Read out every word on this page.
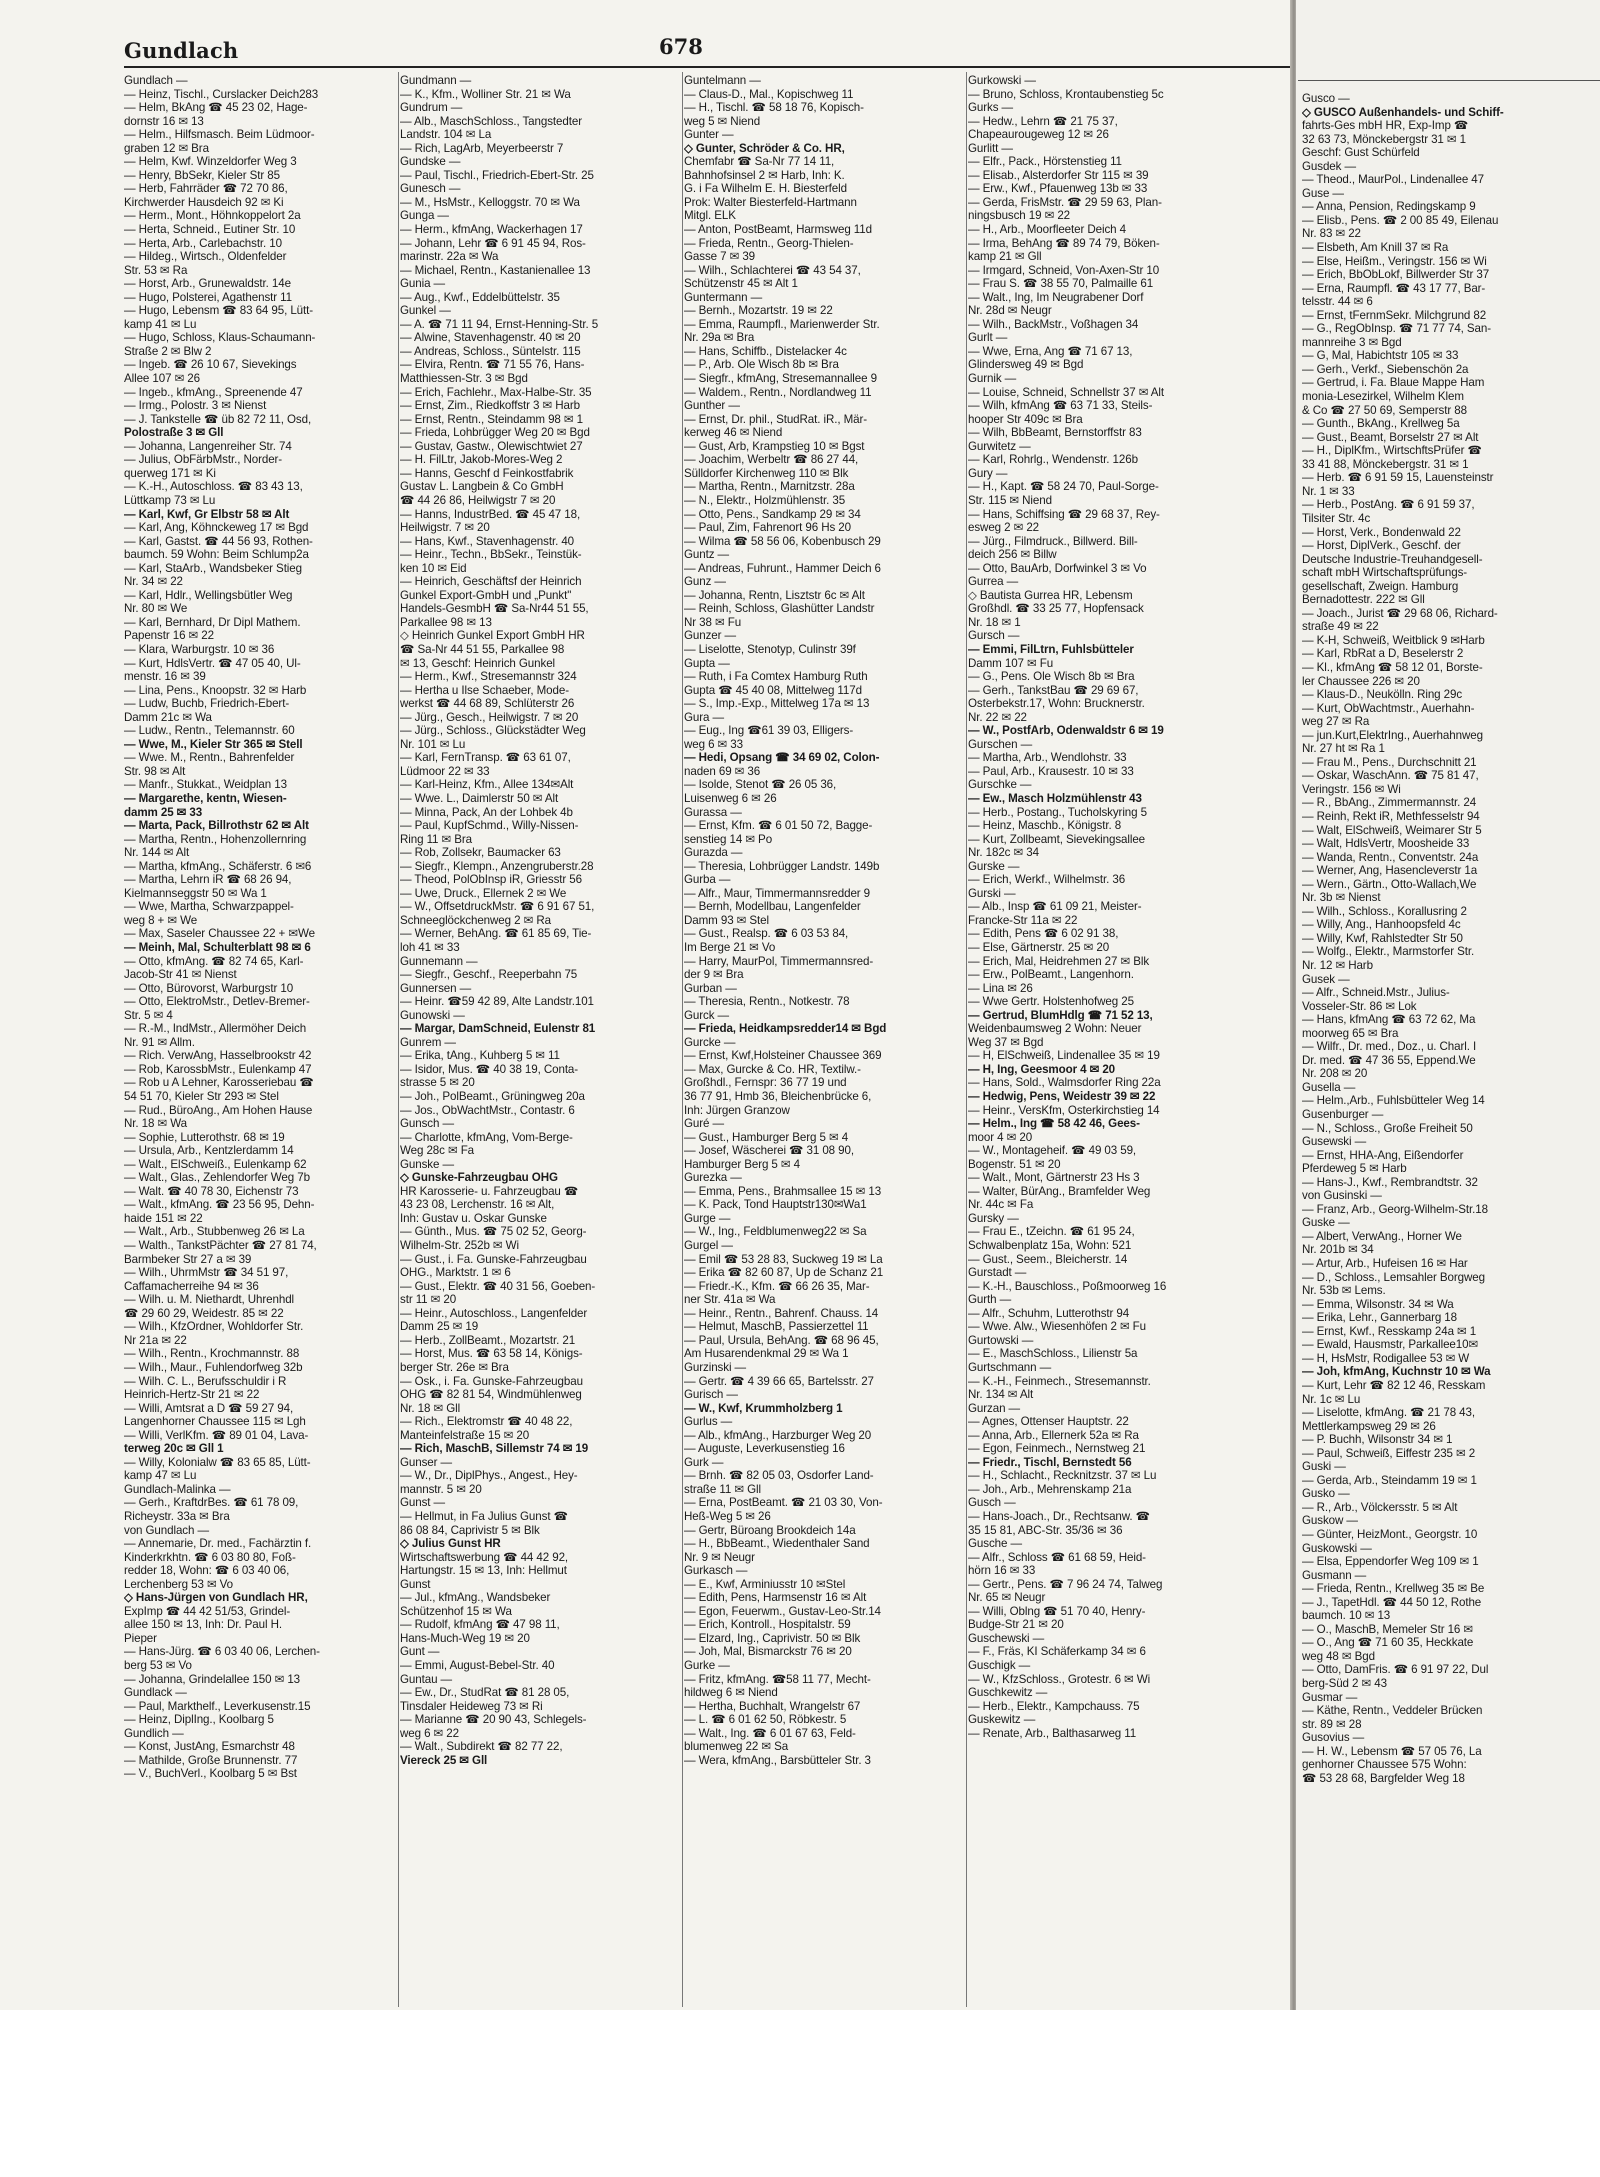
Gundlach	678
Gundlach —
— Heinz, Tischl., Curslacker Deich283
— Helm, BkAng ☎ 45 23 02, Hage-
dornstr 16 ✉ 13
— Helm., Hilfsmasch. Beim Lüdmoor-
graben 12 ✉ Bra
— Helm, Kwf. Winzeldorfer Weg 3
— Henry, BbSekr, Kieler Str 85
— Herb, Fahrräder ☎ 72 70 86,
Kirchwerder Hausdeich 92 ✉ Ki
— Herm., Mont., Höhnkoppelort 2a
— Herta, Schneid., Eutiner Str. 10
— Herta, Arb., Carlebachstr. 10
— Hildeg., Wirtsch., Oldenfelder
Str. 53 ✉ Ra
— Horst, Arb., Grunewaldstr. 14e
— Hugo, Polsterei, Agathenstr 11
— Hugo, Lebensm ☎ 83 64 95, Lütt-
kamp 41 ✉ Lu
— Hugo, Schloss, Klaus-Schaumann-
Straße 2 ✉ Blw 2
— Ingeb. ☎ 26 10 67, Sievekings
Allee 107 ✉ 26
— Ingeb., kfmAng., Spreenende 47
— Irmg., Polostr. 3 ✉ Nienst
— J. Tankstelle ☎ üb 82 72 11, Osd,
Polostraße 3 ✉ Gll
— Johanna, Langenreiher Str. 74
— Julius, ObFärbMstr., Norder-
querweg 171 ✉ Ki
— K.-H., Autoschloss. ☎ 83 43 13,
Lüttkamp 73 ✉ Lu
— Karl, Kwf, Gr Elbstr 58 ✉ Alt
— Karl, Ang, Köhnckeweg 17 ✉ Bgd
— Karl, Gastst. ☎ 44 56 93, Rothen-
baumch. 59 Wohn: Beim Schlump2a
— Karl, StaArb., Wandsbeker Stieg
Nr. 34 ✉ 22
— Karl, Hdlr., Wellingsbütler Weg
Nr. 80 ✉ We
— Karl, Bernhard, Dr Dipl Mathem.
Papenstr 16 ✉ 22
— Klara, Warburgstr. 10 ✉ 36
— Kurt, HdlsVertr. ☎ 47 05 40, Ul-
menstr. 16 ✉ 39
— Lina, Pens., Knoopstr. 32 ✉ Harb
— Ludw, Buchb, Friedrich-Ebert-
Damm 21c ✉ Wa
— Ludw., Rentn., Telemannstr. 60
— Wwe, M., Kieler Str 365 ✉ Stell
— Wwe. M., Rentn., Bahrenfelder
Str. 98 ✉ Alt
— Manfr., Stukkat., Weidplan 13
— Margarethe, kentn, Wiesen-
damm 25 ✉ 33
— Marta, Pack, Billrothstr 62 ✉ Alt
— Martha, Rentn., Hohenzollernring
Nr. 144 ✉ Alt
— Martha, kfmAng., Schäferstr. 6 ✉6
— Martha, Lehrn iR ☎ 68 26 94,
Kielmannseggstr 50 ✉ Wa 1
— Wwe, Martha, Schwarzpappel-
weg 8 + ✉ We
— Max, Saseler Chaussee 22 + ✉We
— Meinh, Mal, Schulterblatt 98 ✉ 6
— Otto, kfmAng. ☎ 82 74 65, Karl-
Jacob-Str 41 ✉ Nienst
— Otto, Bürovorst, Warburgstr 10
— Otto, ElektroMstr., Detlev-Bremer-
Str. 5 ✉ 4
— R.-M., IndMstr., Allermöher Deich
Nr. 91 ✉ Allm.
— Rich. VerwAng, Hasselbrookstr 42
— Rob, KarossbMstr., Eulenkamp 47
— Rob u A Lehner, Karosseriebau ☎
54 51 70, Kieler Str 293 ✉ Stel
— Rud., BüroAng., Am Hohen Hause
Nr. 18 ✉ Wa
— Sophie, Lutterothstr. 68 ✉ 19
— Ursula, Arb., Kentzlerdamm 14
— Walt., ElSchweiß., Eulenkamp 62
— Walt., Glas., Zehlendorfer Weg 7b
— Walt. ☎ 40 78 30, Eichenstr 73
— Walt., kfmAng. ☎ 23 56 95, Dehn-
haide 151 ✉ 22
— Walt., Arb., Stubbenweg 26 ✉ La
— Walth., TankstPächter ☎ 27 81 74,
Barmbeker Str 27 a ✉ 39
— Wilh., UhrmMstr ☎ 34 51 97,
Caffamacherreihe 94 ✉ 36
— Wilh. u. M. Niethardt, Uhrenhdl
☎ 29 60 29, Weidestr. 85 ✉ 22
— Wilh., KfzOrdner, Wohldorfer Str.
Nr 21a ✉ 22
— Wilh., Rentn., Krochmannstr. 88
— Wilh., Maur., Fuhlendorfweg 32b
— Wilh. C. L., Berufsschuldir i R
Heinrich-Hertz-Str 21 ✉ 22
— Willi, Amtsrat a D ☎ 59 27 94,
Langenhorner Chaussee 115 ✉ Lgh
— Willi, VerlKfm. ☎ 89 01 04, Lava-
terweg 20c ✉ Gll 1
— Willy, Kolonialw ☎ 83 65 85, Lütt-
kamp 47 ✉ Lu
Gundlach-Malinka —
— Gerh., KraftdrBes. ☎ 61 78 09,
Richeystr. 33a ✉ Bra
von Gundlach —
— Annemarie, Dr. med., Fachärztin f.
Kinderkrkhtn. ☎ 6 03 80 80, Foß-
redder 18, Wohn: ☎ 6 03 40 06,
Lerchenberg 53 ✉ Vo
◇ Hans-Jürgen von Gundlach HR,
ExpImp ☎ 44 42 51/53, Grindel-
allee 150 ✉ 13, Inh: Dr. Paul H.
Pieper
— Hans-Jürg. ☎ 6 03 40 06, Lerchen-
berg 53 ✉ Vo
— Johanna, Grindelallee 150 ✉ 13
Gundlack —
— Paul, Markthelf., Leverkusenstr.15
— Heinz, DiplIng., Koolbarg 5
Gundlich —
— Konst, JustAng, Esmarchstr 48
— Mathilde, Große Brunnenstr. 77
— V., BuchVerl., Koolbarg 5 ✉ Bst
Gundmann —
— K., Kfm., Wolliner Str. 21 ✉ Wa
Gundrum —
— Alb., MaschSchloss., Tangstedter
Landstr. 104 ✉ La
— Rich, LagArb, Meyerbeerstr 7
Gundske —
— Paul, Tischl., Friedrich-Ebert-Str. 25
Gunesch —
— M., HsMstr., Kelloggstr. 70 ✉ Wa
Gunga —
— Herm., kfmAng, Wackerhagen 17
— Johann, Lehr ☎ 6 91 45 94, Ros-
marinstr. 22a ✉ Wa
— Michael, Rentn., Kastanienallee 13
Gunia —
— Aug., Kwf., Eddelbüttelstr. 35
Gunkel —
— A. ☎ 71 11 94, Ernst-Henning-Str. 5
— Alwine, Stavenhagenstr. 40 ✉ 20
— Andreas, Schloss., Süntelstr. 115
— Elvira, Rentn. ☎ 71 55 76, Hans-
Matthiessen-Str. 3 ✉ Bgd
— Erich, Fachlehr., Max-Halbe-Str. 35
— Ernst, Zim., Riedkoffstr 3 ✉ Harb
— Ernst, Rentn., Steindamm 98 ✉ 1
— Frieda, Lohbrügger Weg 20 ✉ Bgd
— Gustav, Gastw., Olewischtwiet 27
— H. FilLtr, Jakob-Mores-Weg 2
— Hanns, Geschf d Feinkostfabrik
Gustav L. Langbein & Co GmbH
☎ 44 26 86, Heilwigstr 7 ✉ 20
— Hanns, IndustrBed. ☎ 45 47 18,
Heilwigstr. 7 ✉ 20
— Hans, Kwf., Stavenhagenstr. 40
— Heinr., Techn., BbSekr., Teinstük-
ken 10 ✉ Eid
— Heinrich, Geschäftsf der Heinrich
Gunkel Export-GmbH und „Punkt"
Handels-GesmbH ☎ Sa-Nr44 51 55,
Parkallee 98 ✉ 13
◇ Heinrich Gunkel Export GmbH HR
☎ Sa-Nr 44 51 55, Parkallee 98
✉ 13, Geschf: Heinrich Gunkel
— Herm., Kwf., Stresemannstr 324
— Hertha u Ilse Schaeber, Mode-
werkst ☎ 44 68 89, Schlüterstr 26
— Jürg., Gesch., Heilwigstr. 7 ✉ 20
— Jürg., Schloss., Glückstädter Weg
Nr. 101 ✉ Lu
— Karl, FernTransp. ☎ 63 61 07,
Lüdmoor 22 ✉ 33
— Karl-Heinz, Kfm., Allee 134✉Alt
— Wwe. L., Daimlerstr 50 ✉ Alt
— Minna, Pack, An der Lohbek 4b
— Paul, KupfSchmd., Willy-Nissen-
Ring 11 ✉ Bra
— Rob, Zollsekr, Baumacker 63
— Siegfr., Klempn., Anzengruberstr.28
— Theod, PolObInsp iR, Griesstr 56
— Uwe, Druck., Ellernek 2 ✉ We
— W., OffsetdruckMstr. ☎ 6 91 67 51,
Schneeglöckchenweg 2 ✉ Ra
— Werner, BehAng. ☎ 61 85 69, Tie-
loh 41 ✉ 33
Gunnemann —
— Siegfr., Geschf., Reeperbahn 75
Gunnersen —
— Heinr. ☎59 42 89, Alte Landstr.101
Gunowski —
— Margar, DamSchneid, Eulenstr 81
Gunrem —
— Erika, tAng., Kuhberg 5 ✉ 11
— Isidor, Mus. ☎ 40 38 19, Conta-
strasse 5 ✉ 20
— Joh., PolBeamt., Grüningweg 20a
— Jos., ObWachtMstr., Contastr. 6
Gunsch —
— Charlotte, kfmAng, Vom-Berge-
Weg 28c ✉ Fa
Gunske —
◇ Gunske-Fahrzeugbau OHG
HR Karosserie- u. Fahrzeugbau ☎
43 23 08, Lerchenstr. 16 ✉ Alt,
Inh: Gustav u. Oskar Gunske
— Günth., Mus. ☎ 75 02 52, Georg-
Wilhelm-Str. 252b ✉ Wi
— Gust., i. Fa. Gunske-Fahrzeugbau
OHG., Marktstr. 1 ✉ 6
— Gust., Elektr. ☎ 40 31 56, Goeben-
str 11 ✉ 20
— Heinr., Autoschloss., Langenfelder
Damm 25 ✉ 19
— Herb., ZollBeamt., Mozartstr. 21
— Horst, Mus. ☎ 63 58 14, Königs-
berger Str. 26e ✉ Bra
— Osk., i. Fa. Gunske-Fahrzeugbau
OHG ☎ 82 81 54, Windmühlenweg
Nr. 18 ✉ Gll
— Rich., Elektromstr ☎ 40 48 22,
Manteinfelstraße 15 ✉ 20
— Rich, MaschB, Sillemstr 74 ✉ 19
Gunser —
— W., Dr., DiplPhys., Angest., Hey-
mannstr. 5 ✉ 20
Gunst —
— Hellmut, in Fa Julius Gunst ☎
86 08 84, Caprivistr 5 ✉ Blk
◇ Julius Gunst HR
Wirtschaftswerbung ☎ 44 42 92,
Hartungstr. 15 ✉ 13, Inh: Hellmut
Gunst
— Jul., kfmAng., Wandsbeker
Schützenhof 15 ✉ Wa
— Rudolf, kfmAng ☎ 47 98 11,
Hans-Much-Weg 19 ✉ 20
Gunt —
— Emmi, August-Bebel-Str. 40
Guntau —
— Ew., Dr., StudRat ☎ 81 28 05,
Tinsdaler Heideweg 73 ✉ Ri
— Marianne ☎ 20 90 43, Schlegels-
weg 6 ✉ 22
— Walt., Subdirekt ☎ 82 77 22,
Viereck 25 ✉ Gll
Guntelmann —
— Claus-D., Mal., Kopischweg 11
— H., Tischl. ☎ 58 18 76, Kopisch-
weg 5 ✉ Niend
Gunter —
◇ Gunter, Schröder & Co. HR,
Chemfabr ☎ Sa-Nr 77 14 11,
Bahnhofsinsel 2 ✉ Harb, Inh: K.
G. i Fa Wilhelm E. H. Biesterfeld
Prok: Walter Biesterfeld-Hartmann
Mitgl. ELK
— Anton, PostBeamt, Harmsweg 11d
— Frieda, Rentn., Georg-Thielen-
Gasse 7 ✉ 39
— Wilh., Schlachterei ☎ 43 54 37,
Schützenstr 45 ✉ Alt 1
Guntermann —
— Bernh., Mozartstr. 19 ✉ 22
— Emma, Raumpfl., Marienwerder Str.
Nr. 29a ✉ Bra
— Hans, Schiffb., Distelacker 4c
— P., Arb. Ole Wisch 8b ✉ Bra
— Siegfr., kfmAng, Stresemannallee 9
— Waldem., Rentn., Nordlandweg 11
Gunther —
— Ernst, Dr. phil., StudRat. iR., Mär-
kerweg 46 ✉ Niend
— Gust, Arb, Krampstieg 10 ✉ Bgst
— Joachim, Werbeltr ☎ 86 27 44,
Sülldorfer Kirchenweg 110 ✉ Blk
— Martha, Rentn., Marnitzstr. 28a
— N., Elektr., Holzmühlenstr. 35
— Otto, Pens., Sandkamp 29 ✉ 34
— Paul, Zim, Fahrenort 96 Hs 20
— Wilma ☎ 58 56 06, Kobenbusch 29
Guntz —
— Andreas, Fuhrunt., Hammer Deich 6
Gunz —
— Johanna, Rentn, Lisztstr 6c ✉ Alt
— Reinh, Schloss, Glashütter Landstr
Nr 38 ✉ Fu
Gunzer —
— Liselotte, Stenotyp, Culinstr 39f
Gupta —
— Ruth, i Fa Comtex Hamburg Ruth
Gupta ☎ 45 40 08, Mittelweg 117d
— S., Imp.-Exp., Mittelweg 17a ✉ 13
Gura —
— Eug., Ing ☎61 39 03, Elligers-
weg 6 ✉ 33
— Hedi, Opsang ☎ 34 69 02, Colon-
naden 69 ✉ 36
— Isolde, Stenot ☎ 26 05 36,
Luisenweg 6 ✉ 26
Gurassa —
— Ernst, Kfm. ☎ 6 01 50 72, Bagge-
senstieg 14 ✉ Po
Gurazda —
— Theresia, Lohbrügger Landstr. 149b
Gurba —
— Alfr., Maur, Timmermannsredder 9
— Bernh, Modellbau, Langenfelder
Damm 93 ✉ Stel
— Gust., Realsp. ☎ 6 03 53 84,
Im Berge 21 ✉ Vo
— Harry, MaurPol, Timmermannsred-
der 9 ✉ Bra
Gurban —
— Theresia, Rentn., Notkestr. 78
Gurck —
— Frieda, Heidkampsredder14 ✉ Bgd
Gurcke —
— Ernst, Kwf,Holsteiner Chaussee 369
— Max, Gurcke & Co. HR, Textilw.-
Großhdl., Fernspr: 36 77 19 und
36 77 91, Hmb 36, Bleichenbrücke 6,
Inh: Jürgen Granzow
Guré —
— Gust., Hamburger Berg 5 ✉ 4
— Josef, Wäscherei ☎ 31 08 90,
Hamburger Berg 5 ✉ 4
Gurezka —
— Emma, Pens., Brahmsallee 15 ✉ 13
— K. Pack, Tond Hauptstr130✉Wa1
Gurge —
— W., Ing., Feldblumenweg22 ✉ Sa
Gurgel —
— Emil ☎ 53 28 83, Suckweg 19 ✉ La
— Erika ☎ 82 60 87, Up de Schanz 21
— Friedr.-K., Kfm. ☎ 66 26 35, Mar-
ner Str. 41a ✉ Wa
— Heinr., Rentn., Bahrenf. Chauss. 14
— Helmut, MaschB, Passierzettel 11
— Paul, Ursula, BehAng. ☎ 68 96 45,
Am Husarendenkmal 29 ✉ Wa 1
Gurzinski —
— Gertr. ☎ 4 39 66 65, Bartelsstr. 27
Gurisch —
— W., Kwf, Krummholzberg 1
Gurlus —
— Alb., kfmAng., Harzburger Weg 20
— Auguste, Leverkusenstieg 16
Gurk —
— Brnh. ☎ 82 05 03, Osdorfer Land-
straße 11 ✉ Gll
— Erna, PostBeamt. ☎ 21 03 30, Von-
Heß-Weg 5 ✉ 26
— Gertr, Büroang Brookdeich 14a
— H., BbBeamt., Wiedenthaler Sand
Nr. 9 ✉ Neugr
Gurkasch —
— E., Kwf, Arminiusstr 10 ✉Stel
— Edith, Pens, Harmsenstr 16 ✉ Alt
— Egon, Feuerwm., Gustav-Leo-Str.14
— Erich, Kontroll., Hospitalstr. 59
— Elzard, Ing., Caprivistr. 50 ✉ Blk
— Joh, Mal, Bismarckstr 76 ✉ 20
Gurke —
— Fritz, kfmAng. ☎58 11 77, Mecht-
hildweg 6 ✉ Niend
— Hertha, Buchhalt, Wrangelstr 67
— L. ☎ 6 01 62 50, Röbkestr. 5
— Walt., Ing. ☎ 6 01 67 63, Feld-
blumenweg 22 ✉ Sa
— Wera, kfmAng., Barsbütteler Str. 3
Gurkowski —
— Bruno, Schloss, Krontaubenstieg 5c
Gurks —
— Hedw., Lehrn ☎ 21 75 37,
Chapeaurougeweg 12 ✉ 26
Gurlitt —
— Elfr., Pack., Hörstenstieg 11
— Elisab., Alsterdorfer Str 115 ✉ 39
— Erw., Kwf., Pfauenweg 13b ✉ 33
— Gerda, FrisMstr. ☎ 29 59 63, Plan-
ningsbusch 19 ✉ 22
— H., Arb., Moorfleeter Deich 4
— Irma, BehAng ☎ 89 74 79, Böken-
kamp 21 ✉ Gll
— Irmgard, Schneid, Von-Axen-Str 10
— Frau S. ☎ 38 55 70, Palmaille 61
— Walt., Ing, Im Neugrabener Dorf
Nr. 28d ✉ Neugr
— Wilh., BackMstr., Voßhagen 34
Gurlt —
— Wwe, Erna, Ang ☎ 71 67 13,
Glindersweg 49 ✉ Bgd
Gurnik —
— Louise, Schneid, Schnellstr 37 ✉ Alt
— Wilh, kfmAng ☎ 63 71 33, Steils-
hooper Str 409c ✉ Bra
— Wilh, BbBeamt, Bernstorffstr 83
Gurwitetz —
— Karl, Rohrlg., Wendenstr. 126b
Gury —
— H., Kapt. ☎ 58 24 70, Paul-Sorge-
Str. 115 ✉ Niend
— Hans, Schiffsing ☎ 29 68 37, Rey-
esweg 2 ✉ 22
— Jürg., Filmdruck., Billwerd. Bill-
deich 256 ✉ Billw
— Otto, BauArb, Dorfwinkel 3 ✉ Vo
Gurrea —
◇ Bautista Gurrea HR, Lebensm
Großhdl. ☎ 33 25 77, Hopfensack
Nr. 18 ✉ 1
Gursch —
— Emmi, FilLtrn, Fuhlsbütteler
Damm 107 ✉ Fu
— G., Pens. Ole Wisch 8b ✉ Bra
— Gerh., TankstBau ☎ 29 69 67,
Osterbekstr.17, Wohn: Brucknerstr.
Nr. 22 ✉ 22
— W., PostfArb, Odenwaldstr 6 ✉ 19
Gurschen —
— Martha, Arb., Wendlohstr. 33
— Paul, Arb., Krausestr. 10 ✉ 33
Gurschke —
— Ew., Masch Holzmühlenstr 43
— Herb., Postang., Tucholskyring 5
— Heinz, Maschb., Königstr. 8
— Kurt, Zollbeamt, Sievekingsallee
Nr. 182c ✉ 34
Gurske —
— Erich, Werkf., Wilhelmstr. 36
Gurski —
— Alb., Insp ☎ 61 09 21, Meister-
Francke-Str 11a ✉ 22
— Edith, Pens ☎ 6 02 91 38,
— Else, Gärtnerstr. 25 ✉ 20
— Erich, Mal, Heidrehmen 27 ✉ Blk
— Erw., PolBeamt., Langenhorn.
— Lina ✉ 26
— Wwe Gertr. Holstenhofweg 25
— Gertrud, BlumHdlg ☎ 71 52 13,
Weidenbaumsweg 2 Wohn: Neuer
Weg 37 ✉ Bgd
— H, ElSchweiß, Lindenallee 35 ✉ 19
— H, Ing, Geesmoor 4 ✉ 20
— Hans, Sold., Walmsdorfer Ring 22a
— Hedwig, Pens, Weidestr 39 ✉ 22
— Heinr., VersKfm, Osterkirchstieg 14
— Helm., Ing ☎ 58 42 46, Gees-
moor 4 ✉ 20
— W., Montageheif. ☎ 49 03 59,
Bogenstr. 51 ✉ 20
— Walt., Mont, Gärtnerstr 23 Hs 3
— Walter, BürAng., Bramfelder Weg
Nr. 44c ✉ Fa
Gursky —
— Frau E., tZeichn. ☎ 61 95 24,
Schwalbenplatz 15a, Wohn: 521
— Gust., Seem., Bleicherstr. 14
Gurstadt —
— K.-H., Bauschloss., Poßmoorweg 16
Gurth —
— Alfr., Schuhm, Lutterothstr 94
— Wwe. Alw., Wiesenhöfen 2 ✉ Fu
Gurtowski —
— E., MaschSchloss., Lilienstr 5a
Gurtschmann —
— K.-H., Feinmech., Stresemannstr.
Nr. 134 ✉ Alt
Gurzan —
— Agnes, Ottenser Hauptstr. 22
— Anna, Arb., Ellernerk 52a ✉ Ra
— Egon, Feinmech., Nernstweg 21
— Friedr., Tischl, Bernstedt 56
— H., Schlacht., Recknitzstr. 37 ✉ Lu
— Joh., Arb., Mehrenskamp 21a
Gusch —
— Hans-Joach., Dr., Rechtsanw. ☎
35 15 81, ABC-Str. 35/36 ✉ 36
Gusche —
— Alfr., Schloss ☎ 61 68 59, Heid-
hörn 16 ✉ 33
— Gertr., Pens. ☎ 7 96 24 74, Talweg
Nr. 65 ✉ Neugr
— Willi, Oblng ☎ 51 70 40, Henry-
Budge-Str 21 ✉ 20
Guschewski —
— F., Fräs, KI Schäferkamp 34 ✉ 6
Guschigk —
— W., KfzSchloss., Grotestr. 6 ✉ Wi
Guschkewitz —
— Herb., Elektr., Kampchauss. 75
Guskewitz —
— Renate, Arb., Balthasarweg 11
Gusco —
◇ GUSCO Außenhandels- und Schiff-
fahrts-Ges mbH HR, Exp-Imp ☎
32 63 73, Mönckebergstr 31 ✉ 1
Geschf: Gust Schürfeld
Gusdek —
— Theod., MaurPol., Lindenallee 47
Guse —
— Anna, Pension, Redingskamp 9
— Elisb., Pens. ☎ 2 00 85 49, Eilenau
Nr. 83 ✉ 22
— Elsbeth, Am Knill 37 ✉ Ra
— Else, Heißm., Veringstr. 156 ✉ Wi
— Erich, BbObLokf, Billwerder Str 37
— Erna, Raumpfl. ☎ 43 17 77, Bar-
telsstr. 44 ✉ 6
— Ernst, tFernmSekr. Milchgrund 82
— G., RegObInsp. ☎ 71 77 74, San-
mannreihe 3 ✉ Bgd
— G, Mal, Habichtstr 105 ✉ 33
— Gerh., Verkf., Siebenschön 2a
— Gertrud, i. Fa. Blaue Mappe Ham
monia-Lesezirkel, Wilhelm Klem
& Co ☎ 27 50 69, Semperstr 88
— Gunth., BkAng., Krellweg 5a
— Gust., Beamt, Borselstr 27 ✉ Alt
— H., DiplKfm., WirtschftsPrüfer ☎
33 41 88, Mönckebergstr. 31 ✉ 1
— Herb. ☎ 6 91 59 15, Lauensteinstr
Nr. 1 ✉ 33
— Herb., PostAng. ☎ 6 91 59 37,
Tilsiter Str. 4c
— Horst, Verk., Bondenwald 22
— Horst, DiplVerk., Geschf. der
Deutsche Industrie-Treuhandgesell-
schaft mbH Wirtschaftsprüfungs-
gesellschaft, Zweign. Hamburg
Bernadottestr. 222 ✉ Gll
— Joach., Jurist ☎ 29 68 06, Richard-
straße 49 ✉ 22
— K-H, Schweiß, Weitblick 9 ✉Harb
— Karl, RbRat a D, Beselerstr 2
— Kl., kfmAng ☎ 58 12 01, Borste-
ler Chaussee 226 ✉ 20
— Klaus-D., Neukölln. Ring 29c
— Kurt, ObWachtmstr., Auerhahn-
weg 27 ✉ Ra
— jun.Kurt,ElektrIng., Auerhahnweg
Nr. 27 ht ✉ Ra 1
— Frau M., Pens., Durchschnitt 21
— Oskar, WaschAnn. ☎ 75 81 47,
Veringstr. 156 ✉ Wi
— R., BbAng., Zimmermannstr. 24
— Reinh, Rekt iR, Methfesselstr 94
— Walt, ElSchweiß, Weimarer Str 5
— Walt, HdlsVertr, Moosheide 33
— Wanda, Rentn., Conventstr. 24a
— Werner, Ang, Hasencleverstr 1a
— Wern., Gärtn., Otto-Wallach,We
Nr. 3b ✉ Nienst
— Wilh., Schloss., Korallusring 2
— Willy, Ang., Hanhoopsfeld 4c
— Willy, Kwf, Rahlstedter Str 50
— Wolfg., Elektr., Marmstorfer Str.
Nr. 12 ✉ Harb
Gusek —
— Alfr., Schneid.Mstr., Julius-
Vosseler-Str. 86 ✉ Lok
— Hans, kfmAng ☎ 63 72 62, Ma
moorweg 65 ✉ Bra
— Wilfr., Dr. med., Doz., u. Charl. I
Dr. med. ☎ 47 36 55, Eppend.We
Nr. 208 ✉ 20
Gusella —
— Helm.,Arb., Fuhlsbütteler Weg 14
Gusenburger —
— N., Schloss., Große Freiheit 50
Gusewski —
— Ernst, HHA-Ang, Eißendorfer
Pferdeweg 5 ✉ Harb
— Hans-J., Kwf., Rembrandtstr. 32
von Gusinski —
— Franz, Arb., Georg-Wilhelm-Str.18
Guske —
— Albert, VerwAng., Horner We
Nr. 201b ✉ 34
— Artur, Arb., Hufeisen 16 ✉ Har
— D., Schloss., Lemsahler Borgweg
Nr. 53b ✉ Lems.
— Emma, Wilsonstr. 34 ✉ Wa
— Erika, Lehr., Gannerbarg 18
— Ernst, Kwf., Resskamp 24a ✉ 1
— Ewald, Hausmstr, Parkallee10✉
— H, HsMstr, Rodigallee 53 ✉ W
— Joh, kfmAng, Kuchnstr 10 ✉ Wa
— Kurt, Lehr ☎ 82 12 46, Resskam
Nr. 1c ✉ Lu
— Liselotte, kfmAng. ☎ 21 78 43,
Mettlerkampsweg 29 ✉ 26
— P. Buchh, Wilsonstr 34 ✉ 1
— Paul, Schweiß, Eiffestr 235 ✉ 2
Guski —
— Gerda, Arb., Steindamm 19 ✉ 1
Gusko —
— R., Arb., Völckersstr. 5 ✉ Alt
Guskow —
— Günter, HeizMont., Georgstr. 10
Guskowski —
— Elsa, Eppendorfer Weg 109 ✉ 1
Gusmann —
— Frieda, Rentn., Krellweg 35 ✉ Be
— J., TapetHdl. ☎ 44 50 12, Rothe
baumch. 10 ✉ 13
— O., MaschB, Memeler Str 16 ✉
— O., Ang ☎ 71 60 35, Heckkate
weg 48 ✉ Bgd
— Otto, DamFris. ☎ 6 91 97 22, Dul
berg-Süd 2 ✉ 43
Gusmar —
— Käthe, Rentn., Veddeler Brücken
str. 89 ✉ 28
Gusovius —
— H. W., Lebensm ☎ 57 05 76, La
genhorner Chaussee 575 Wohn:
☎ 53 28 68, Bargfelder Weg 18
